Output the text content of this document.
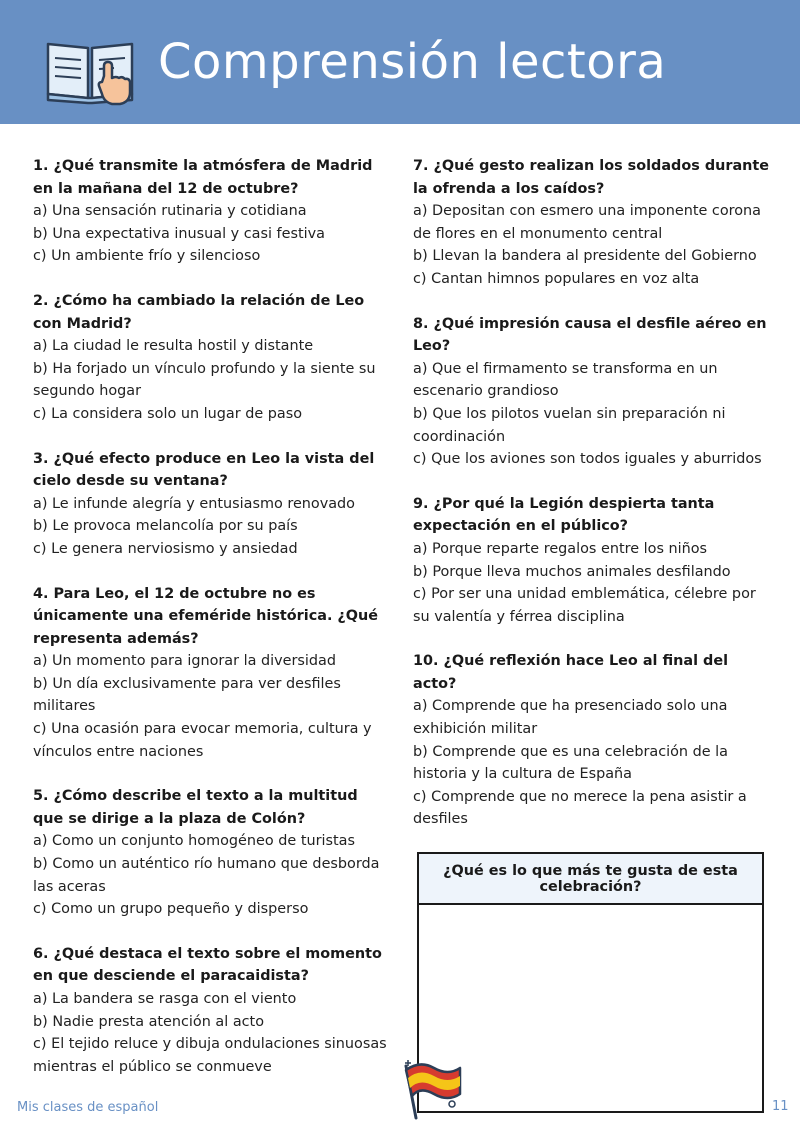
Comprensión lectora
1. ¿Qué transmite la atmósfera de Madrid en la mañana del 12 de octubre?
a) Una sensación rutinaria y cotidiana
b) Una expectativa inusual y casi festiva
c) Un ambiente frío y silencioso
2. ¿Cómo ha cambiado la relación de Leo con Madrid?
a) La ciudad le resulta hostil y distante
b) Ha forjado un vínculo profundo y la siente su segundo hogar
c) La considera solo un lugar de paso
3. ¿Qué efecto produce en Leo la vista del cielo desde su ventana?
a) Le infunde alegría y entusiasmo renovado
b) Le provoca melancolía por su país
c) Le genera nerviosismo y ansiedad
4. Para Leo, el 12 de octubre no es únicamente una efeméride histórica. ¿Qué representa además?
a) Un momento para ignorar la diversidad
b) Un día exclusivamente para ver desfiles militares
c) Una ocasión para evocar memoria, cultura y vínculos entre naciones
5. ¿Cómo describe el texto a la multitud que se dirige a la plaza de Colón?
a) Como un conjunto homogéneo de turistas
b) Como un auténtico río humano que desborda las aceras
c) Como un grupo pequeño y disperso
6. ¿Qué destaca el texto sobre el momento en que desciende el paracaidista?
a) La bandera se rasga con el viento
b) Nadie presta atención al acto
c) El tejido reluce y dibuja ondulaciones sinuosas mientras el público se conmueve
7. ¿Qué gesto realizan los soldados durante la ofrenda a los caídos?
a) Depositan con esmero una imponente corona de flores en el monumento central
b) Llevan la bandera al presidente del Gobierno
c) Cantan himnos populares en voz alta
8. ¿Qué impresión causa el desfile aéreo en Leo?
a) Que el firmamento se transforma en un escenario grandioso
b) Que los pilotos vuelan sin preparación ni coordinación
c) Que los aviones son todos iguales y aburridos
9. ¿Por qué la Legión despierta tanta expectación en el público?
a) Porque reparte regalos entre los niños
b) Porque lleva muchos animales desfilando
c) Por ser una unidad emblemática, célebre por su valentía y férrea disciplina
10. ¿Qué reflexión hace Leo al final del acto?
a) Comprende que ha presenciado solo una exhibición militar
b) Comprende que es una celebración de la historia y la cultura de España
c) Comprende que no merece la pena asistir a desfiles
¿Qué es lo que más te gusta de esta celebración?
Mis clases de español	11
